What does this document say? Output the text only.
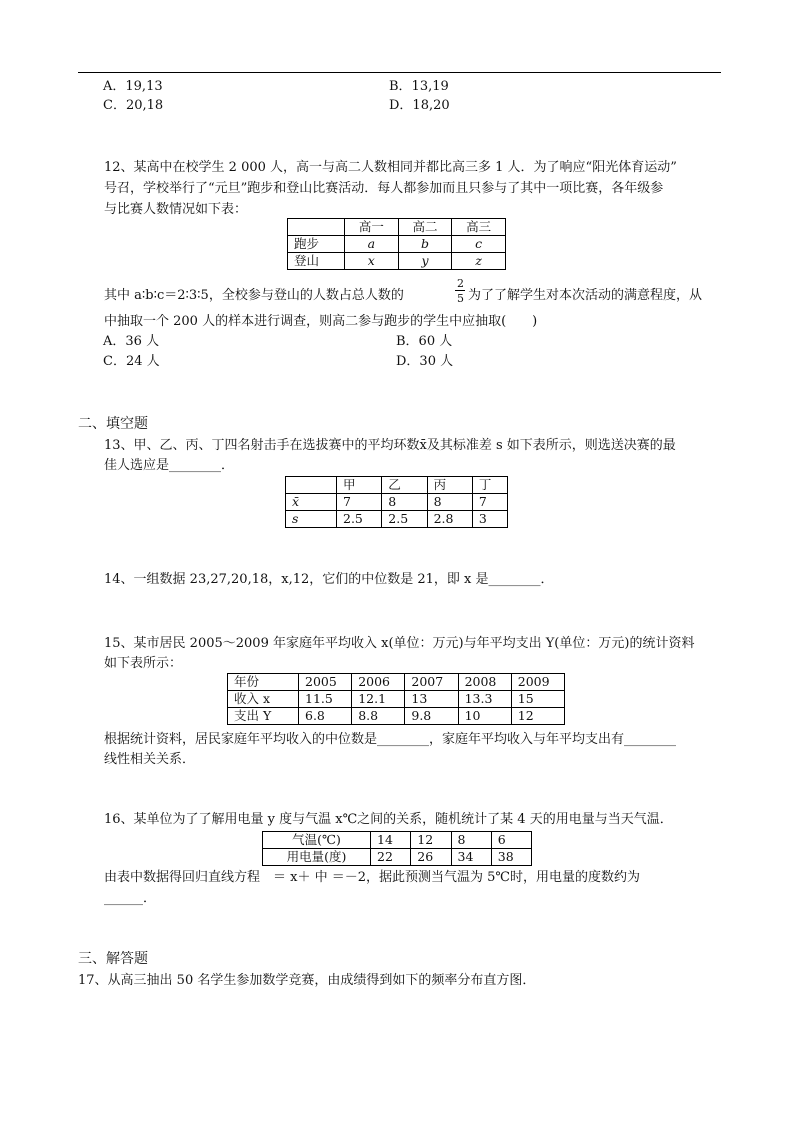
A．19,13	B．13,19
C．20,18	D．18,20
12、某高中在校学生 2 000 人，高一与高二人数相同并都比高三多 1 人．为了响应“阳光体育运动”
号召，学校举行了“元旦”跑步和登山比赛活动．每人都参加而且只参与了其中一项比赛，各年级参
与比赛人数情况如下表：
	高一	高二	高三
跑步	a	b	c
登山	x	y	z
其中 a∶b∶c＝2∶3∶5，全校参与登山的人数占总人数的
2
5 为了了解学生对本次活动的满意程度，从
中抽取一个 200 人的样本进行调查，则高二参与跑步的学生中应抽取(　　)
A．36 人	B．60 人
C．24 人	D．30 人
二、填空题
13、甲、乙、丙、丁四名射击手在选拔赛中的平均环数x̄及其标准差 s 如下表所示，则选送决赛的最
佳人选应是________．
	甲	乙	丙	丁
x̄	7	8	8	7
s	2.5	2.5	2.8	3
14、一组数据 23,27,20,18，x,12，它们的中位数是 21，即 x 是________．
15、某市居民 2005～2009 年家庭年平均收入 x(单位：万元)与年平均支出 Y(单位：万元)的统计资料
如下表所示：
年份	2005	2006	2007	2008	2009
收入 x	11.5	12.1	13	13.3	15
支出 Y	6.8	8.8	9.8	10	12
根据统计资料，居民家庭年平均收入的中位数是________，家庭年平均收入与年平均支出有________
线性相关关系．
16、某单位为了了解用电量 y 度与气温 x℃之间的关系，随机统计了某 4 天的用电量与当天气温．
气温(℃)	14	12	8	6
用电量(度)	22	26	34	38
由表中数据得回归直线方程　＝ x＋ 中 ＝－2，据此预测当气温为 5℃时，用电量的度数约为
______．
三、解答题
17、从高三抽出 50 名学生参加数学竞赛，由成绩得到如下的频率分布直方图．
